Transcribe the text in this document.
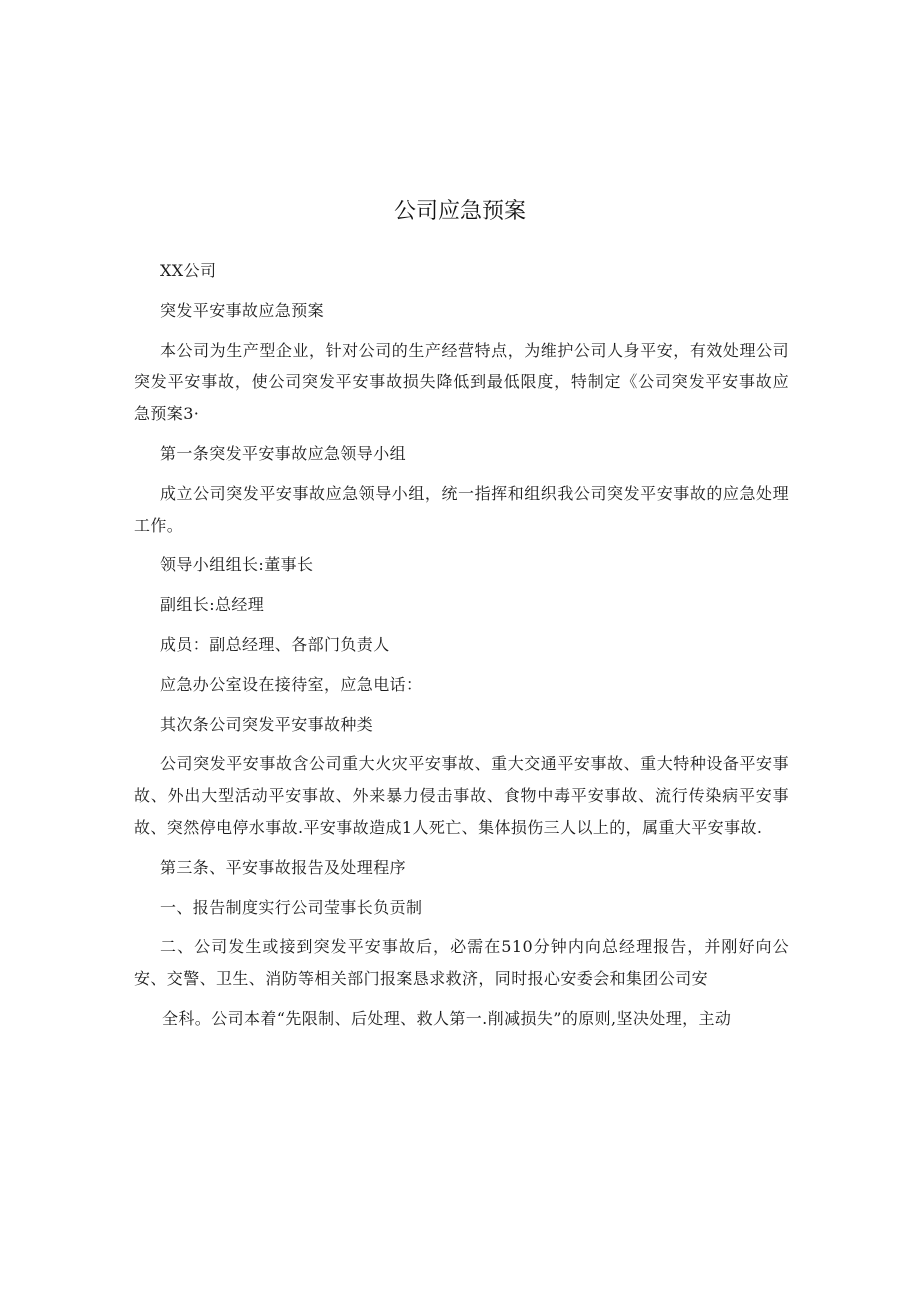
公司应急预案

XX公司

突发平安事故应急预案

本公司为生产型企业，针对公司的生产经营特点，为维护公司人身平安，有效处理公司突发平安事故，使公司突发平安事故损失降低到最低限度，特制定《公司突发平安事故应急预案3·

第一条突发平安事故应急领导小组

成立公司突发平安事故应急领导小组，统一指挥和组织我公司突发平安事故的应急处理工作。

领导小组组长:董事长

副组长:总经理

成员：副总经理、各部门负责人

应急办公室设在接待室，应急电话：

其次条公司突发平安事故种类

公司突发平安事故含公司重大火灾平安事故、重大交通平安事故、重大特种设备平安事故、外出大型活动平安事故、外来暴力侵击事故、食物中毒平安事故、流行传染病平安事故、突然停电停水事故.平安事故造成1人死亡、集体损伤三人以上的，属重大平安事故.

第三条、平安事故报告及处理程序

一、报告制度实行公司莹事长负贡制

二、公司发生或接到突发平安事故后，必需在510分钟内向总经理报告，并刚好向公安、交警、卫生、消防等相关部门报案恳求救济，同时报心安委会和集团公司安

全科。公司本着“先限制、后处理、救人第一.削减损失”的原则,坚决处理，主动
